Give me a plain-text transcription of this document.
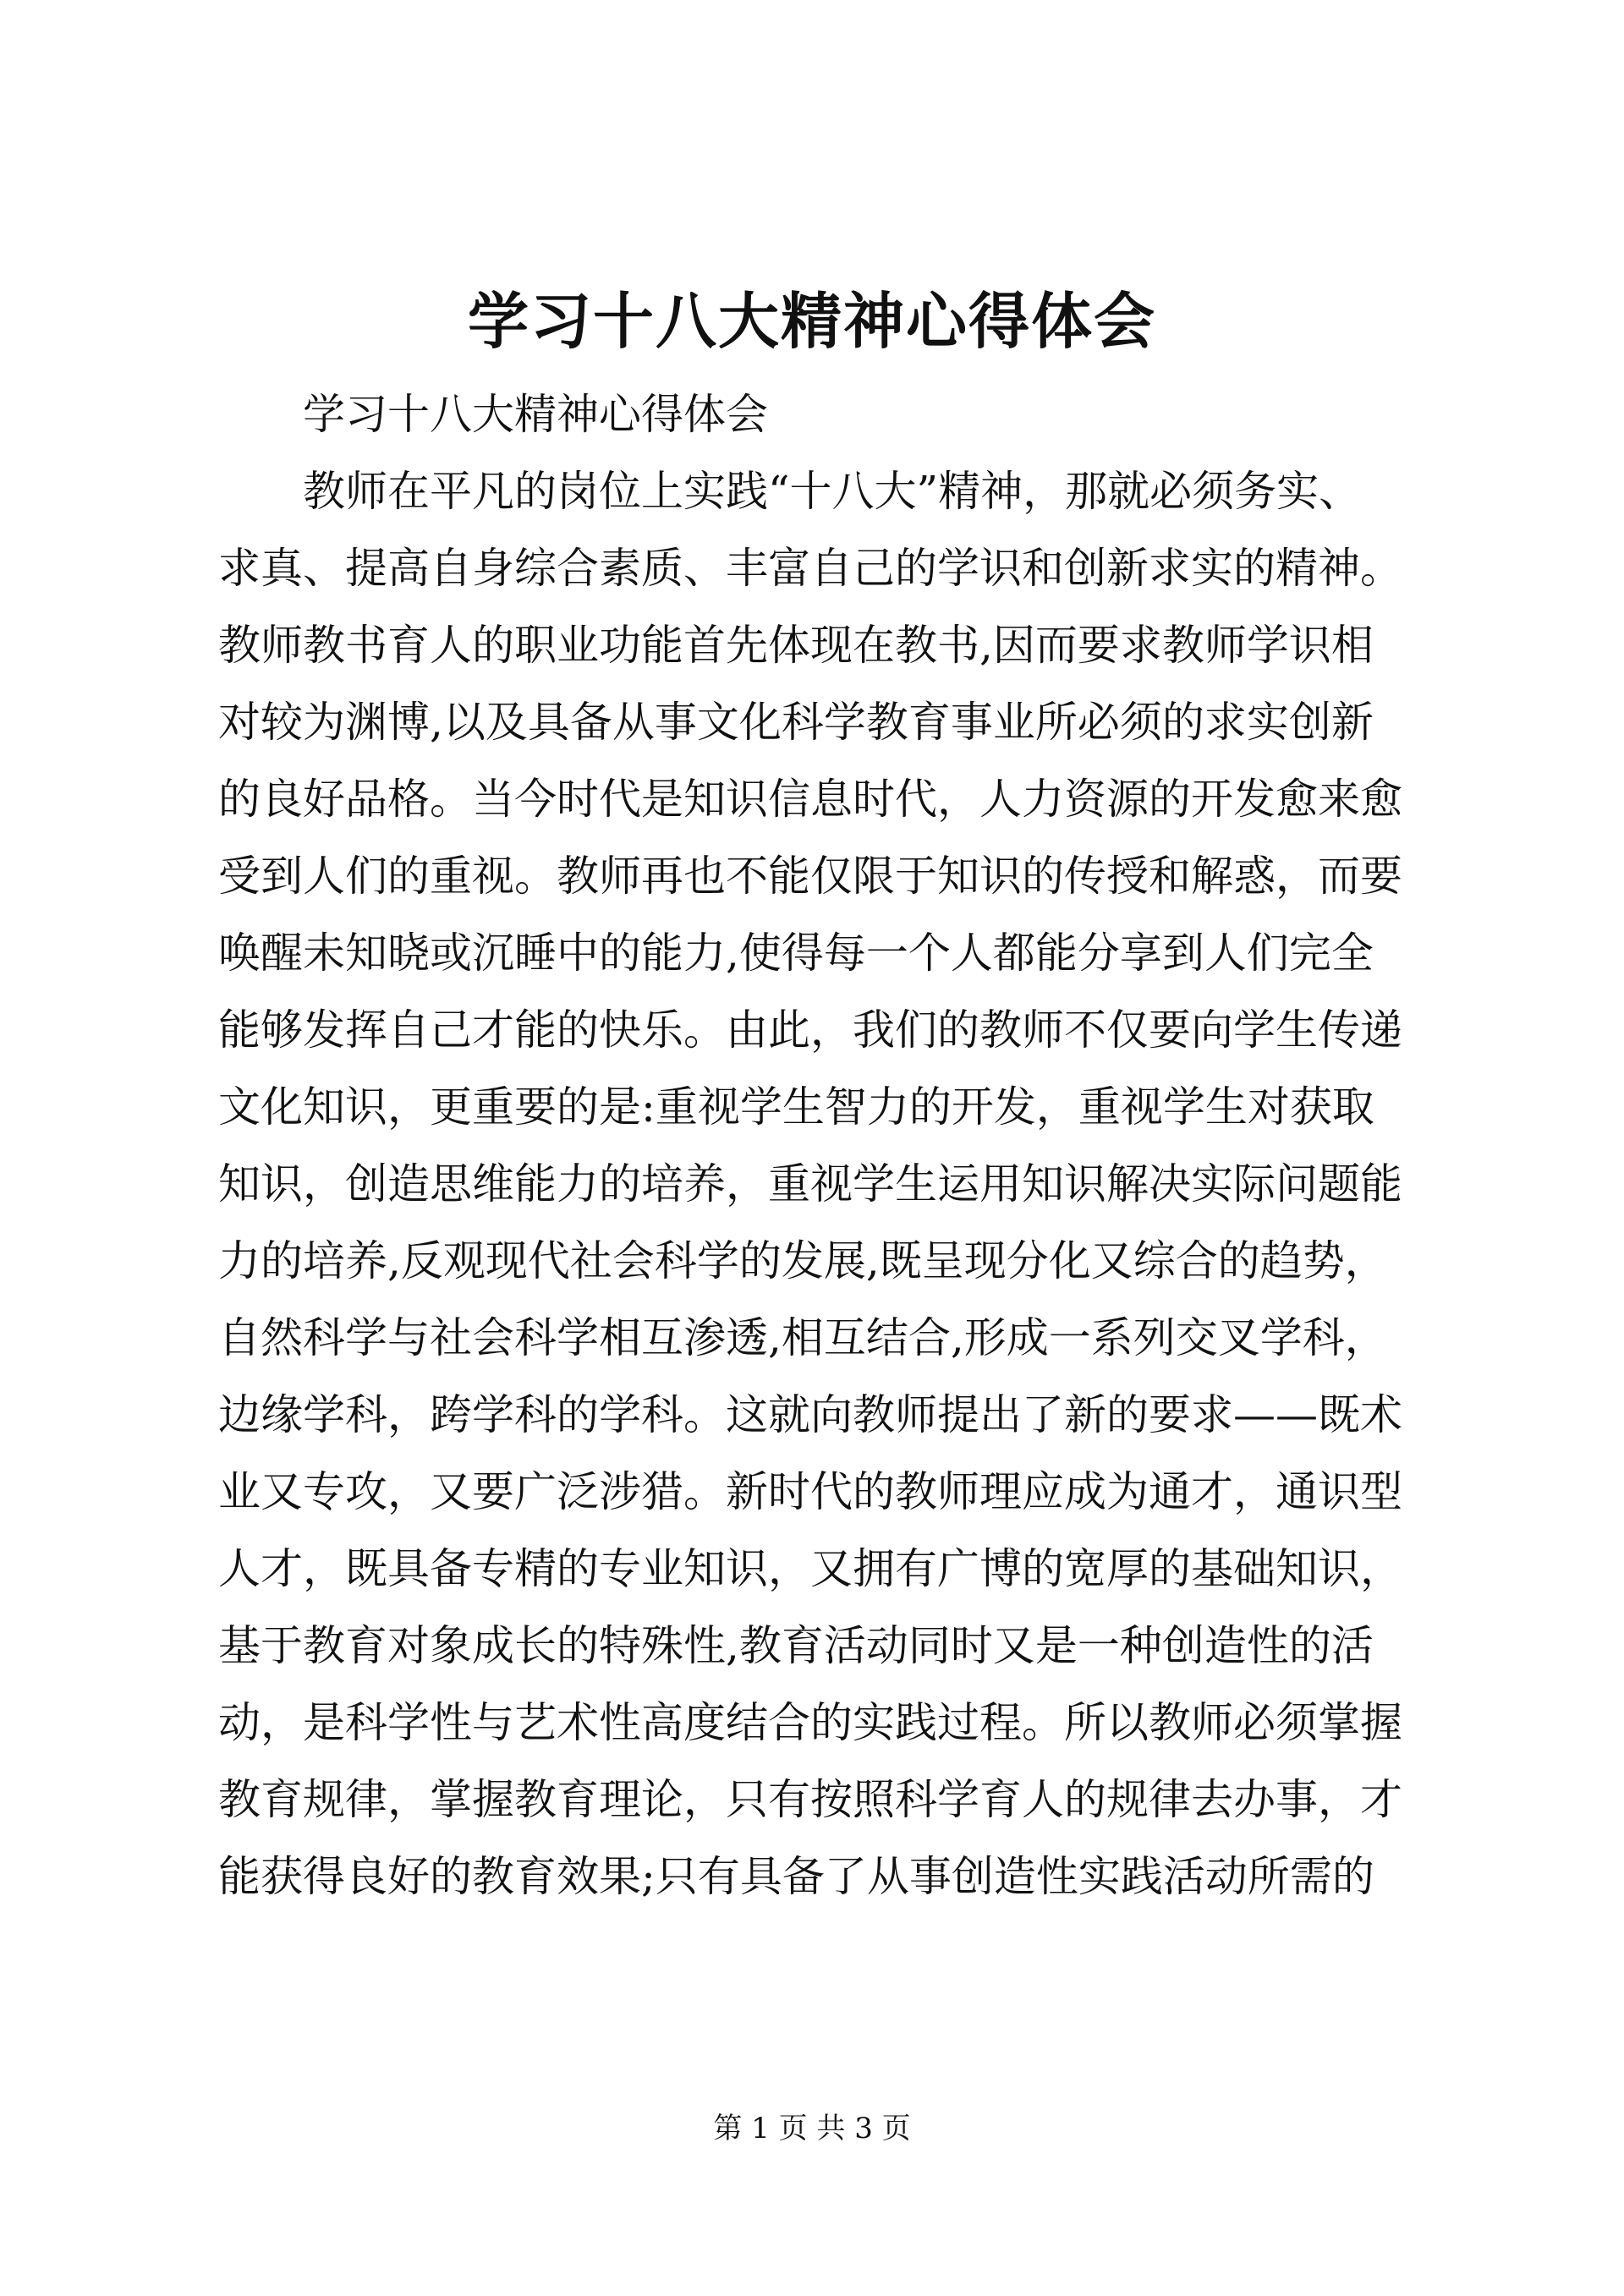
学习十八大精神心得体会
学习十八大精神心得体会
教师在平凡的岗位上实践“十八大”精神，那就必须务实、
求真、提高自身综合素质、丰富自己的学识和创新求实的精神。
教师教书育人的职业功能首先体现在教书,因而要求教师学识相
对较为渊博,以及具备从事文化科学教育事业所必须的求实创新
的良好品格。当今时代是知识信息时代，人力资源的开发愈来愈
受到人们的重视。教师再也不能仅限于知识的传授和解惑，而要
唤醒未知晓或沉睡中的能力,使得每一个人都能分享到人们完全
能够发挥自己才能的快乐。由此，我们的教师不仅要向学生传递
文化知识，更重要的是:重视学生智力的开发，重视学生对获取
知识，创造思维能力的培养，重视学生运用知识解决实际问题能
力的培养,反观现代社会科学的发展,既呈现分化又综合的趋势，
自然科学与社会科学相互渗透,相互结合,形成一系列交叉学科，
边缘学科，跨学科的学科。这就向教师提出了新的要求——既术
业又专攻，又要广泛涉猎。新时代的教师理应成为通才，通识型
人才，既具备专精的专业知识，又拥有广博的宽厚的基础知识，
基于教育对象成长的特殊性,教育活动同时又是一种创造性的活
动，是科学性与艺术性高度结合的实践过程。所以教师必须掌握
教育规律，掌握教育理论，只有按照科学育人的规律去办事，才
能获得良好的教育效果;只有具备了从事创造性实践活动所需的
第 1 页 共 3 页
